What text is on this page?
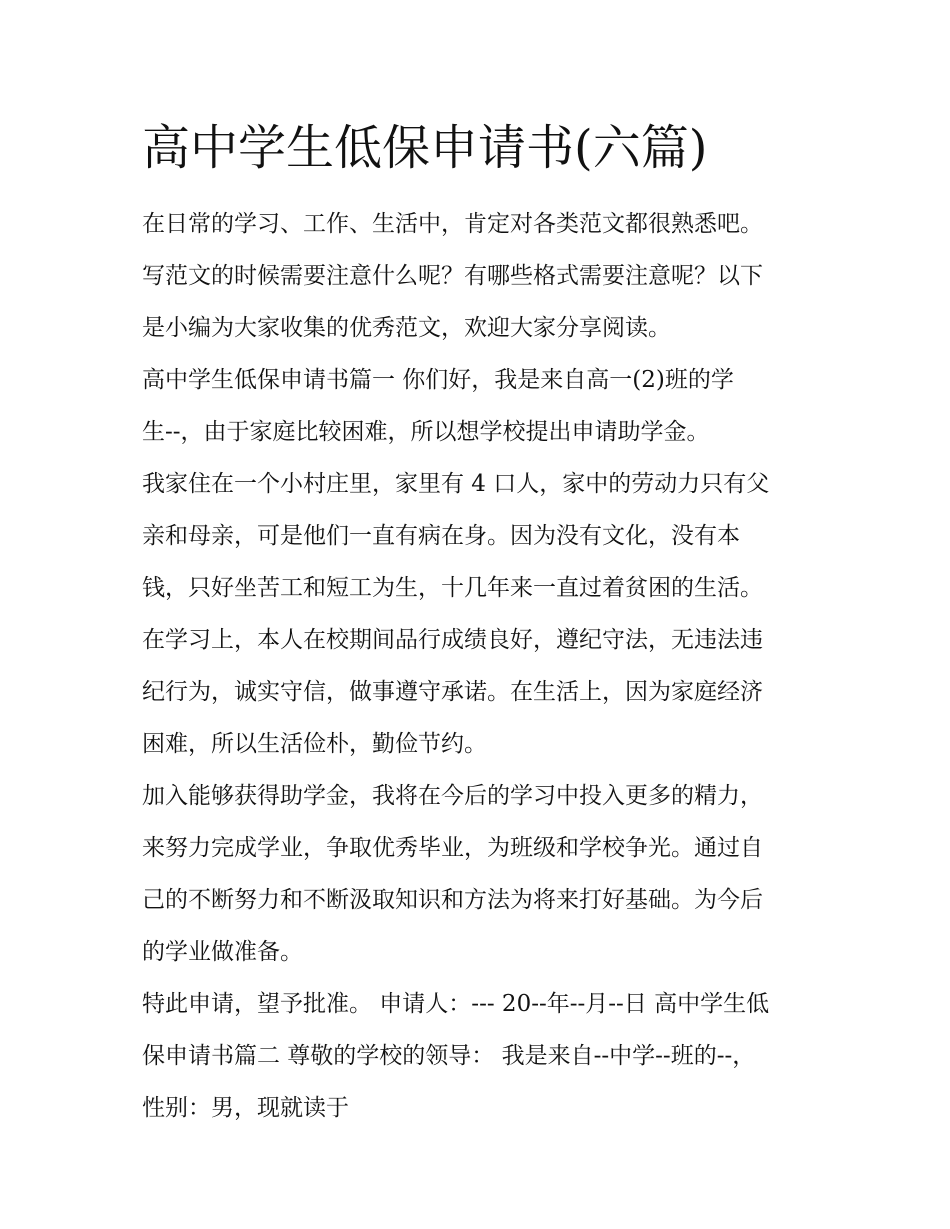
高中学生低保申请书(六篇)
在日常的学习、工作、生活中，肯定对各类范文都很熟悉吧。
写范文的时候需要注意什么呢？有哪些格式需要注意呢？以下
是小编为大家收集的优秀范文，欢迎大家分享阅读。
高中学生低保申请书篇一 你们好，我是来自高一(2)班的学
生--，由于家庭比较困难，所以想学校提出申请助学金。
我家住在一个小村庄里，家里有 4 口人，家中的劳动力只有父
亲和母亲，可是他们一直有病在身。因为没有文化，没有本
钱，只好坐苦工和短工为生，十几年来一直过着贫困的生活。
在学习上，本人在校期间品行成绩良好，遵纪守法，无违法违
纪行为，诚实守信，做事遵守承诺。在生活上，因为家庭经济
困难，所以生活俭朴，勤俭节约。
加入能够获得助学金，我将在今后的学习中投入更多的精力，
来努力完成学业，争取优秀毕业，为班级和学校争光。通过自
己的不断努力和不断汲取知识和方法为将来打好基础。为今后
的学业做准备。
特此申请，望予批准。 申请人：--- 20--年--月--日 高中学生低
保申请书篇二 尊敬的学校的领导： 我是来自--中学--班的--，
性别：男，现就读于
